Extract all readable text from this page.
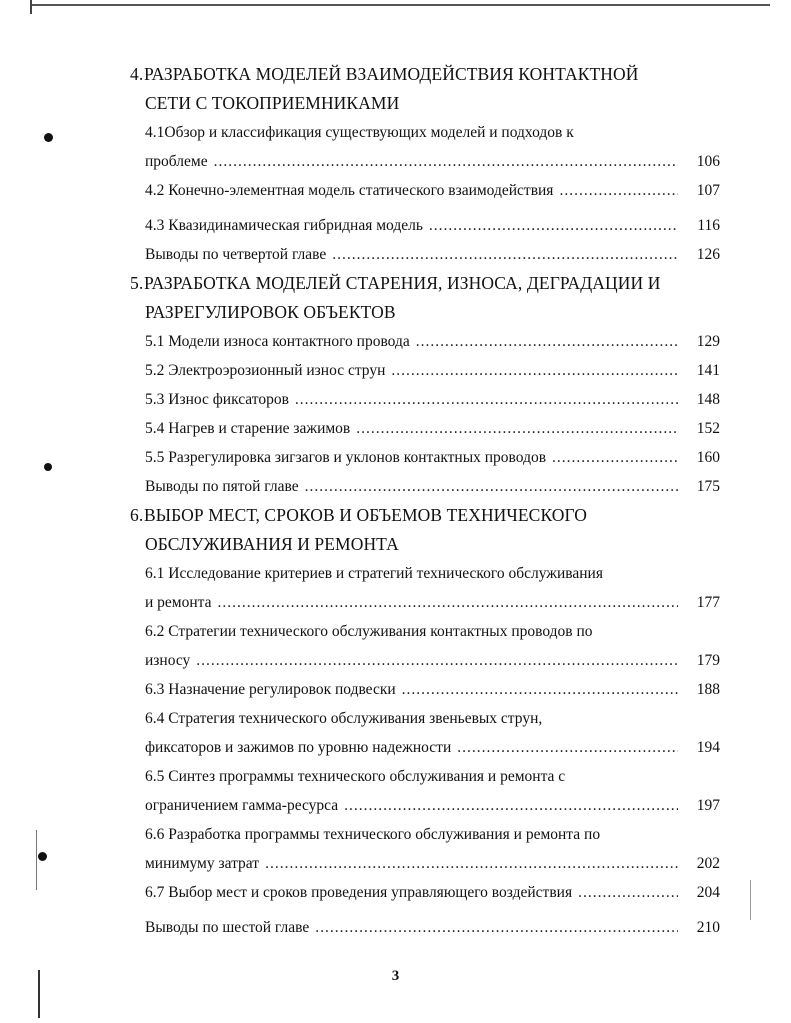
4.РАЗРАБОТКА МОДЕЛЕЙ ВЗАИМОДЕЙСТВИЯ КОНТАКТНОЙ
СЕТИ С ТОКОПРИЕМНИКАМИ
4.1Обзор и классификация существующих моделей и подходов к
проблеме .....	106
4.2 Конечно-элементная модель статического взаимодействия .....	107
4.3 Квазидинамическая гибридная модель .....	116
Выводы по четвертой главе .....	126
5.РАЗРАБОТКА МОДЕЛЕЙ СТАРЕНИЯ, ИЗНОСА, ДЕГРАДАЦИИ И
РАЗРЕГУЛИРОВОК ОБЪЕКТОВ
5.1 Модели износа контактного провода .....	129
5.2 Электроэрозионный износ струн .....	141
5.3 Износ фиксаторов .....	148
5.4 Нагрев и старение зажимов .....	152
5.5 Разрегулировка зигзагов и уклонов контактных проводов .....	160
Выводы по пятой главе .....	175
6.ВЫБОР МЕСТ, СРОКОВ И ОБЪЕМОВ ТЕХНИЧЕСКОГО
ОБСЛУЖИВАНИЯ И РЕМОНТА
6.1 Исследование критериев и стратегий технического обслуживания
и ремонта .....	177
6.2 Стратегии технического обслуживания контактных проводов по
износу .....	179
6.3 Назначение регулировок подвески .....	188
6.4 Стратегия технического обслуживания звеньевых струн,
фиксаторов и зажимов по уровню надежности .....	194
6.5 Синтез программы технического обслуживания и ремонта с
ограничением гамма-ресурса .....	197
6.6 Разработка программы технического обслуживания и ремонта по
минимуму затрат .....	202
6.7 Выбор мест и сроков проведения управляющего воздействия .....	204
Выводы по шестой главе .....	210
3
